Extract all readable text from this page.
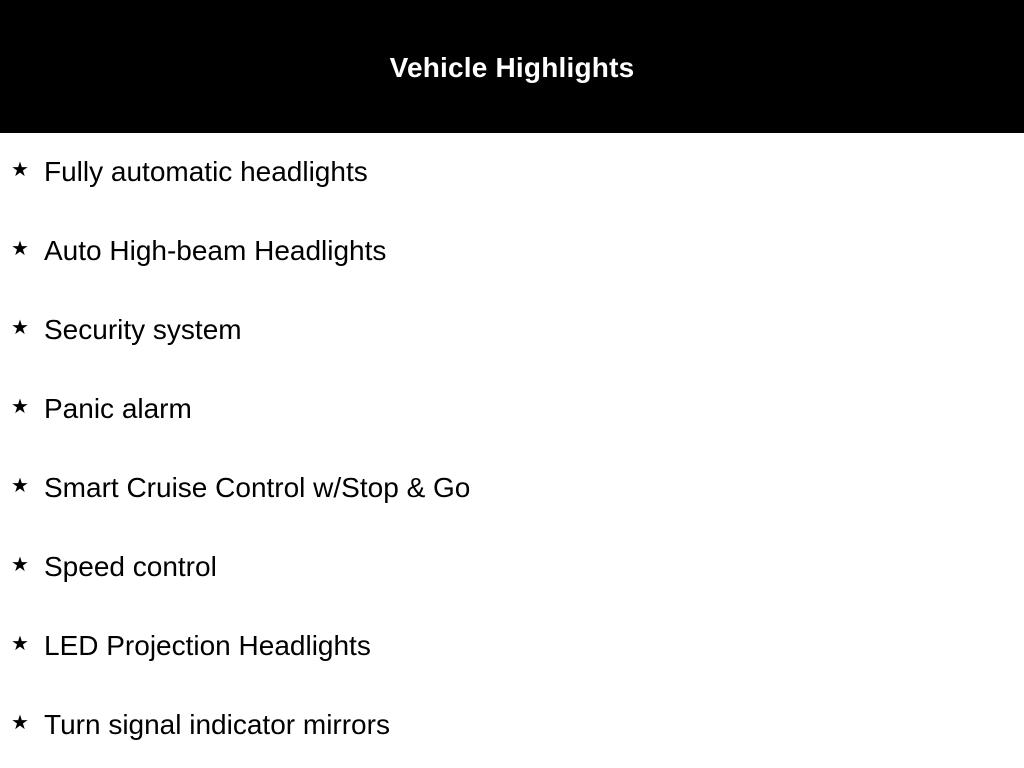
Vehicle Highlights
★ Fully automatic headlights
★ Auto High-beam Headlights
★ Security system
★ Panic alarm
★ Smart Cruise Control w/Stop & Go
★ Speed control
★ LED Projection Headlights
★ Turn signal indicator mirrors
